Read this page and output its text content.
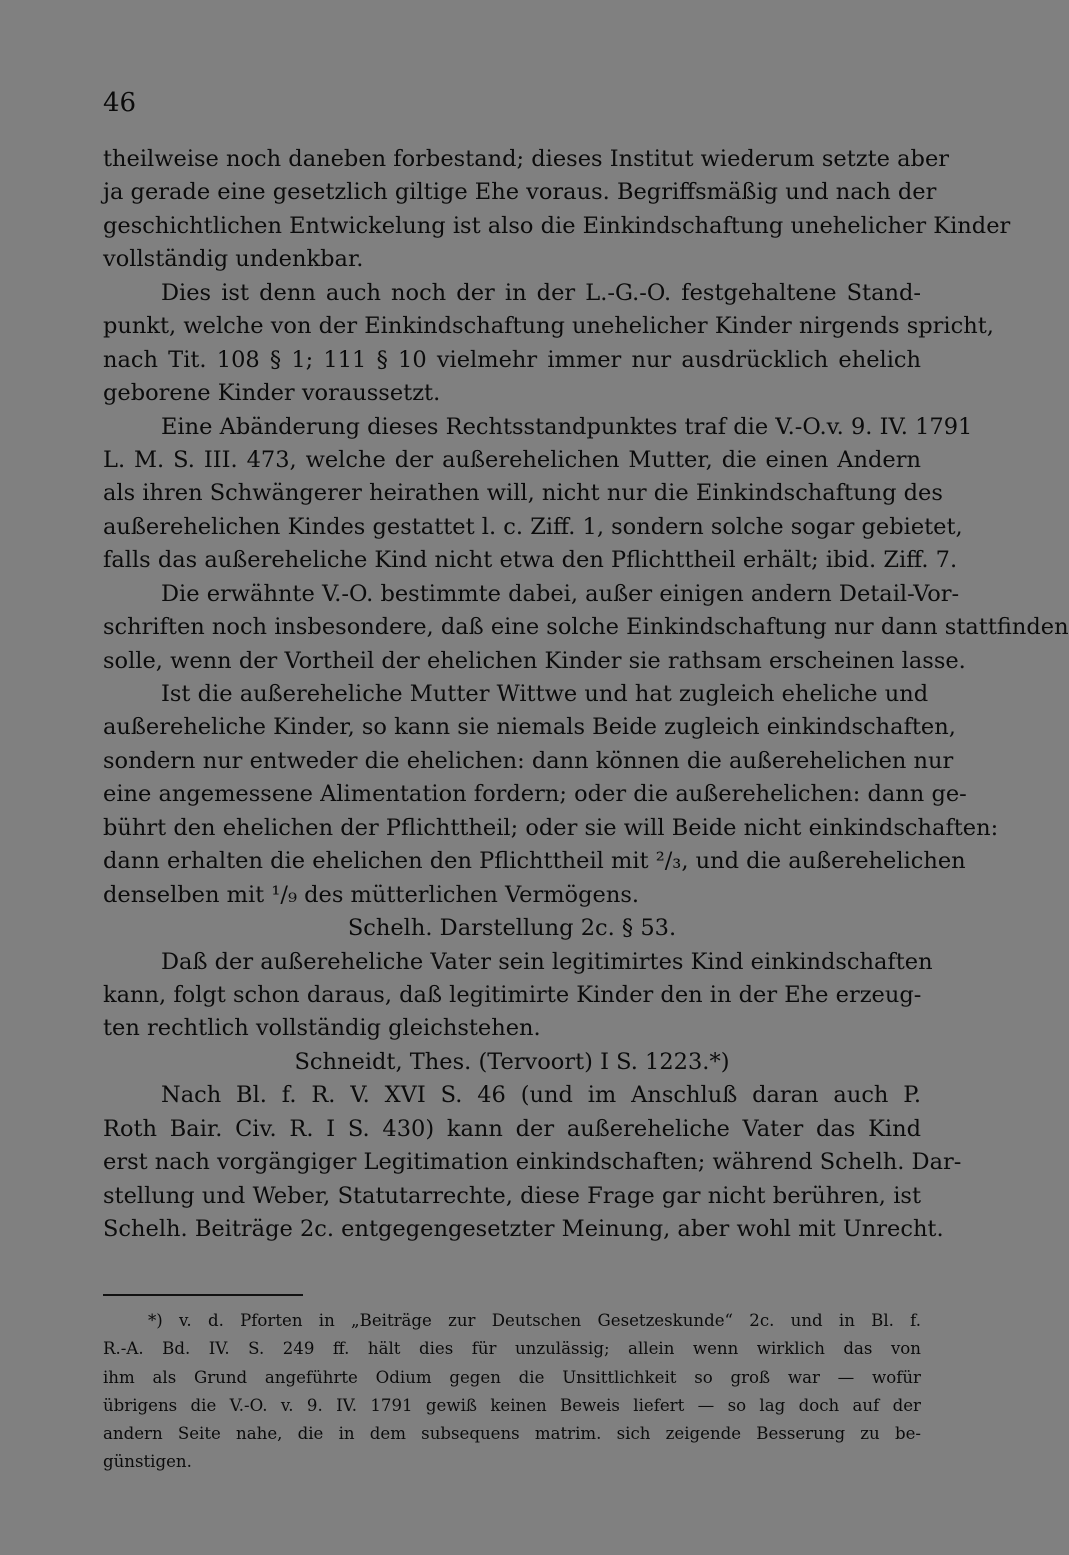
46
theilweise noch daneben forbestand; dieses Institut wiederum setzte aber
ja gerade eine gesetzlich giltige Ehe voraus. Begriffsmäßig und nach der
geschichtlichen Entwickelung ist also die Einkindschaftung unehelicher Kinder
vollständig undenkbar.
Dies ist denn auch noch der in der L.-G.-O. festgehaltene Stand-
punkt, welche von der Einkindschaftung unehelicher Kinder nirgends spricht,
nach Tit. 108 § 1; 111 § 10 vielmehr immer nur ausdrücklich ehelich
geborene Kinder voraussetzt.
Eine Abänderung dieses Rechtsstandpunktes traf die V.-O.v. 9. IV. 1791
L. M. S. III. 473, welche der außerehelichen Mutter, die einen Andern
als ihren Schwängerer heirathen will, nicht nur die Einkindschaftung des
außerehelichen Kindes gestattet l. c. Ziff. 1, sondern solche sogar gebietet,
falls das außereheliche Kind nicht etwa den Pflichttheil erhält; ibid. Ziff. 7.
Die erwähnte V.-O. bestimmte dabei, außer einigen andern Detail-Vor-
schriften noch insbesondere, daß eine solche Einkindschaftung nur dann stattfinden
solle, wenn der Vortheil der ehelichen Kinder sie rathsam erscheinen lasse.
Ist die außereheliche Mutter Wittwe und hat zugleich eheliche und
außereheliche Kinder, so kann sie niemals Beide zugleich einkindschaften,
sondern nur entweder die ehelichen: dann können die außerehelichen nur
eine angemessene Alimentation fordern; oder die außerehelichen: dann ge-
bührt den ehelichen der Pflichttheil; oder sie will Beide nicht einkindschaften:
dann erhalten die ehelichen den Pflichttheil mit ²/₃, und die außerehelichen
denselben mit ¹/₉ des mütterlichen Vermögens.
Schelh. Darstellung 2c. § 53.
Daß der außereheliche Vater sein legitimirtes Kind einkindschaften
kann, folgt schon daraus, daß legitimirte Kinder den in der Ehe erzeug-
ten rechtlich vollständig gleichstehen.
Schneidt, Thes. (Tervoort) I S. 1223.*)
Nach Bl. f. R. V. XVI S. 46 (und im Anschluß daran auch P.
Roth Bair. Civ. R. I S. 430) kann der außereheliche Vater das Kind
erst nach vorgängiger Legitimation einkindschaften; während Schelh. Dar-
stellung und Weber, Statutarrechte, diese Frage gar nicht berühren, ist
Schelh. Beiträge 2c. entgegengesetzter Meinung, aber wohl mit Unrecht.
*) v. d. Pforten in „Beiträge zur Deutschen Gesetzeskunde“ 2c. und in Bl. f.
R.-A. Bd. IV. S. 249 ff. hält dies für unzulässig; allein wenn wirklich das von
ihm als Grund angeführte Odium gegen die Unsittlichkeit so groß war — wofür
übrigens die V.-O. v. 9. IV. 1791 gewiß keinen Beweis liefert — so lag doch auf der
andern Seite nahe, die in dem subsequens matrim. sich zeigende Besserung zu be-
günstigen.
